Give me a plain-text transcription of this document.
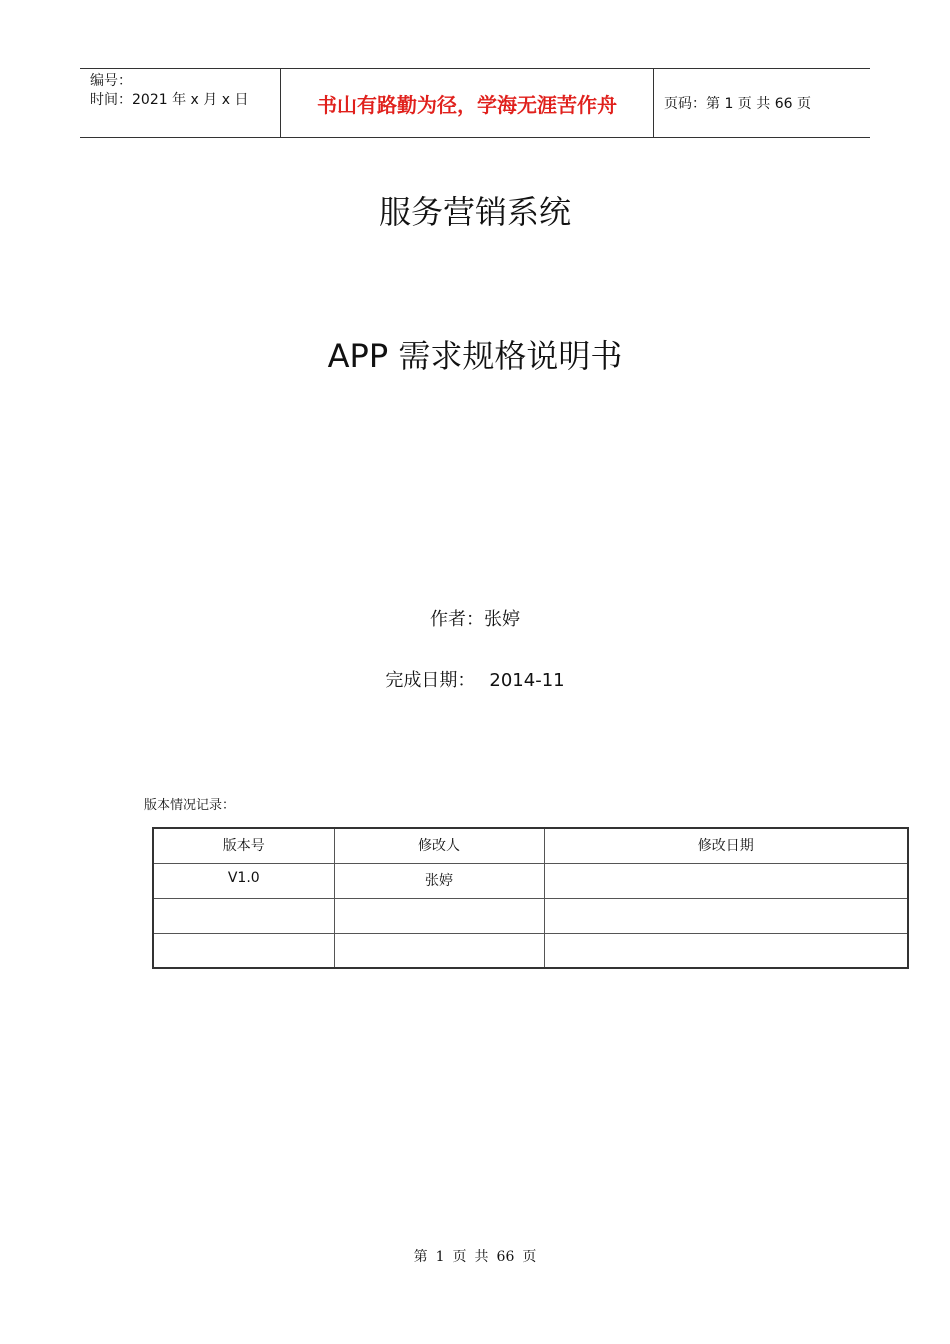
编号：
时间：2021 年 x 月 x 日	书山有路勤为径，学海无涯苦作舟	页码：第 1 页 共 66 页
服务营销系统
APP 需求规格说明书
作者：张婷
完成日期： 2014-11
版本情况记录：
版本号	修改人	修改日期
V1.0	张婷	

第 1 页 共 66 页
